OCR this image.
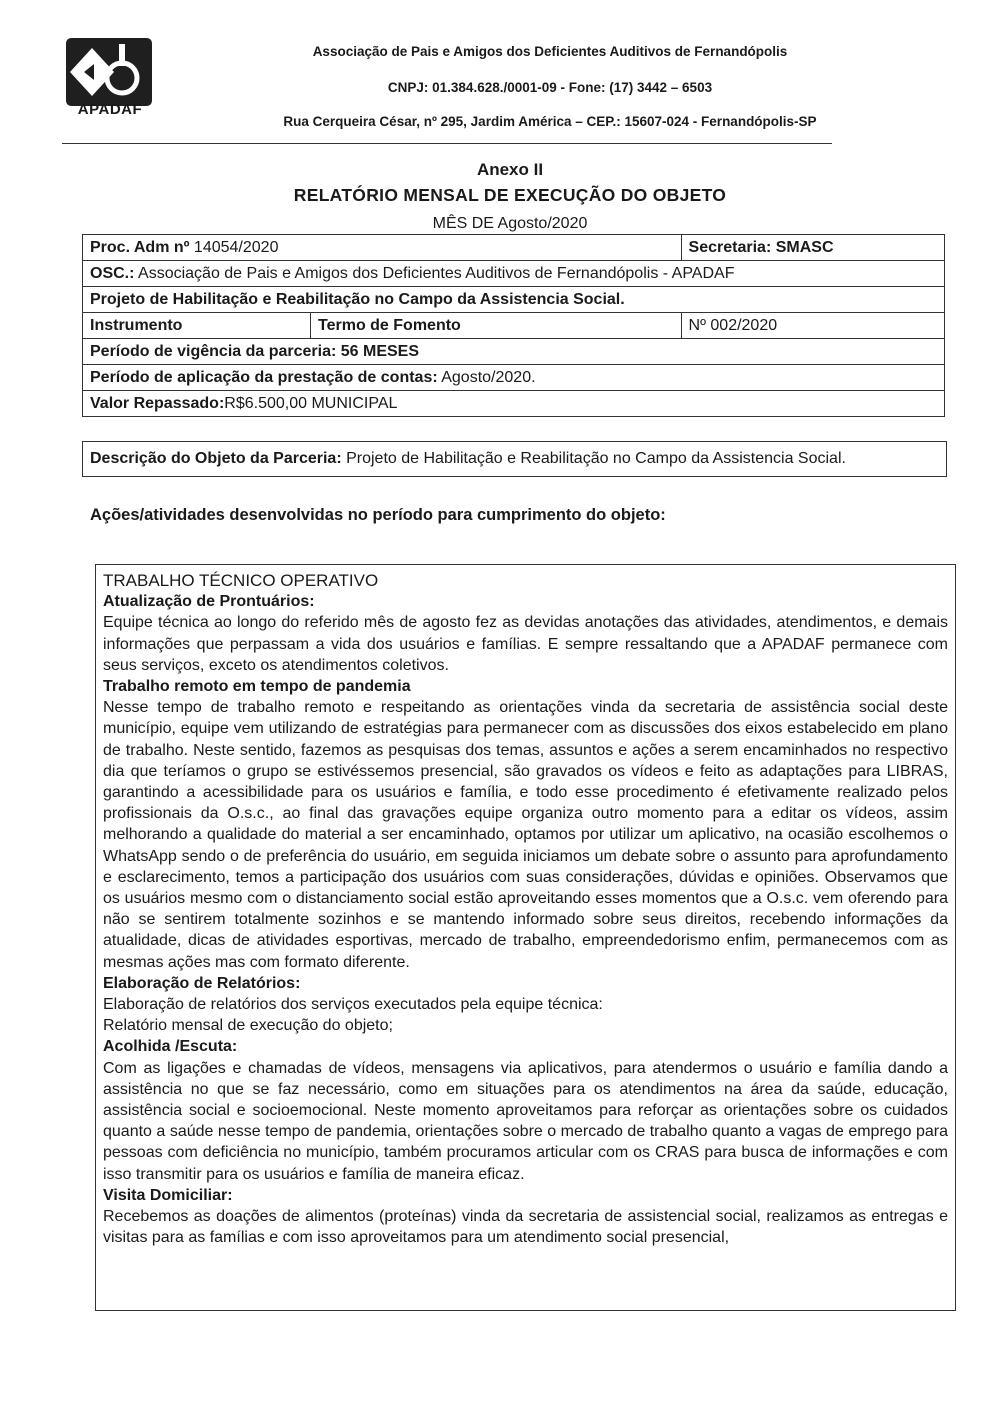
APADAF
Associação de Pais e Amigos dos Deficientes Auditivos de Fernandópolis
CNPJ: 01.384.628./0001-09 - Fone: (17) 3442 – 6503
Rua Cerqueira César, nº 295, Jardim América – CEP.: 15607-024 - Fernandópolis-SP
Anexo II
RELATÓRIO MENSAL DE EXECUÇÃO DO OBJETO
MÊS DE Agosto/2020
Proc. Adm nº 14054/2020		Secretaria: SMASC
OSC.: Associação de Pais e Amigos dos Deficientes Auditivos de Fernandópolis - APADAF		
Projeto de Habilitação e Reabilitação no Campo da Assistencia Social.		
Instrumento	Termo de Fomento	Nº 002/2020
Período de vigência da parceria: 56 MESES		
Período de aplicação da prestação de contas: Agosto/2020.		
Valor Repassado:R$6.500,00 MUNICIPAL		
Descrição do Objeto da Parceria: Projeto de Habilitação e Reabilitação no Campo da Assistencia Social.
Ações/atividades desenvolvidas no período para cumprimento do objeto:

TRABALHO TÉCNICO OPERATIVO

Atualização de Prontuários:

Equipe técnica ao longo do referido mês de agosto fez as devidas anotações das atividades, atendimentos, e demais informações que perpassam a vida dos usuários e famílias. E sempre ressaltando que a APADAF permanece com seus serviços, exceto os atendimentos coletivos.

Trabalho remoto em tempo de pandemia

Nesse tempo de trabalho remoto e respeitando as orientações vinda da secretaria de assistência social deste município, equipe vem utilizando de estratégias para permanecer com as discussões dos eixos estabelecido em plano de trabalho. Neste sentido, fazemos as pesquisas dos temas, assuntos e ações a serem encaminhados no respectivo dia que teríamos o grupo se estivéssemos presencial, são gravados os vídeos e feito as adaptações para LIBRAS, garantindo a acessibilidade para os usuários e família, e todo esse procedimento é efetivamente realizado pelos profissionais da O.s.c., ao final das gravações equipe organiza outro momento para a editar os vídeos, assim melhorando a qualidade do material a ser encaminhado, optamos por utilizar um aplicativo, na ocasião escolhemos o WhatsApp sendo o de preferência do usuário, em seguida iniciamos um debate sobre o assunto para aprofundamento e esclarecimento, temos a participação dos usuários com suas considerações, dúvidas e opiniões. Observamos que os usuários mesmo com o distanciamento social estão aproveitando esses momentos que a O.s.c. vem oferendo para não se sentirem totalmente sozinhos e se mantendo informado sobre seus direitos, recebendo informações da atualidade, dicas de atividades esportivas, mercado de trabalho, empreendedorismo enfim, permanecemos com as mesmas ações mas com formato diferente.

Elaboração de Relatórios:

Elaboração de relatórios dos serviços executados pela equipe técnica:

Relatório mensal de execução do objeto;

Acolhida /Escuta:

Com as ligações e chamadas de vídeos, mensagens via aplicativos, para atendermos o usuário e família dando a assistência no que se faz necessário, como em situações para os atendimentos na área da saúde, educação, assistência social e socioemocional. Neste momento aproveitamos para reforçar as orientações sobre os cuidados quanto a saúde nesse tempo de pandemia, orientações sobre o mercado de trabalho quanto a vagas de emprego para pessoas com deficiência no município, também procuramos articular com os CRAS para busca de informações e com isso transmitir para os usuários e família de maneira eficaz.

Visita Domiciliar:

Recebemos as doações de alimentos (proteínas) vinda da secretaria de assistencial social, realizamos as entregas e visitas para as famílias e com isso aproveitamos para um atendimento social presencial,
